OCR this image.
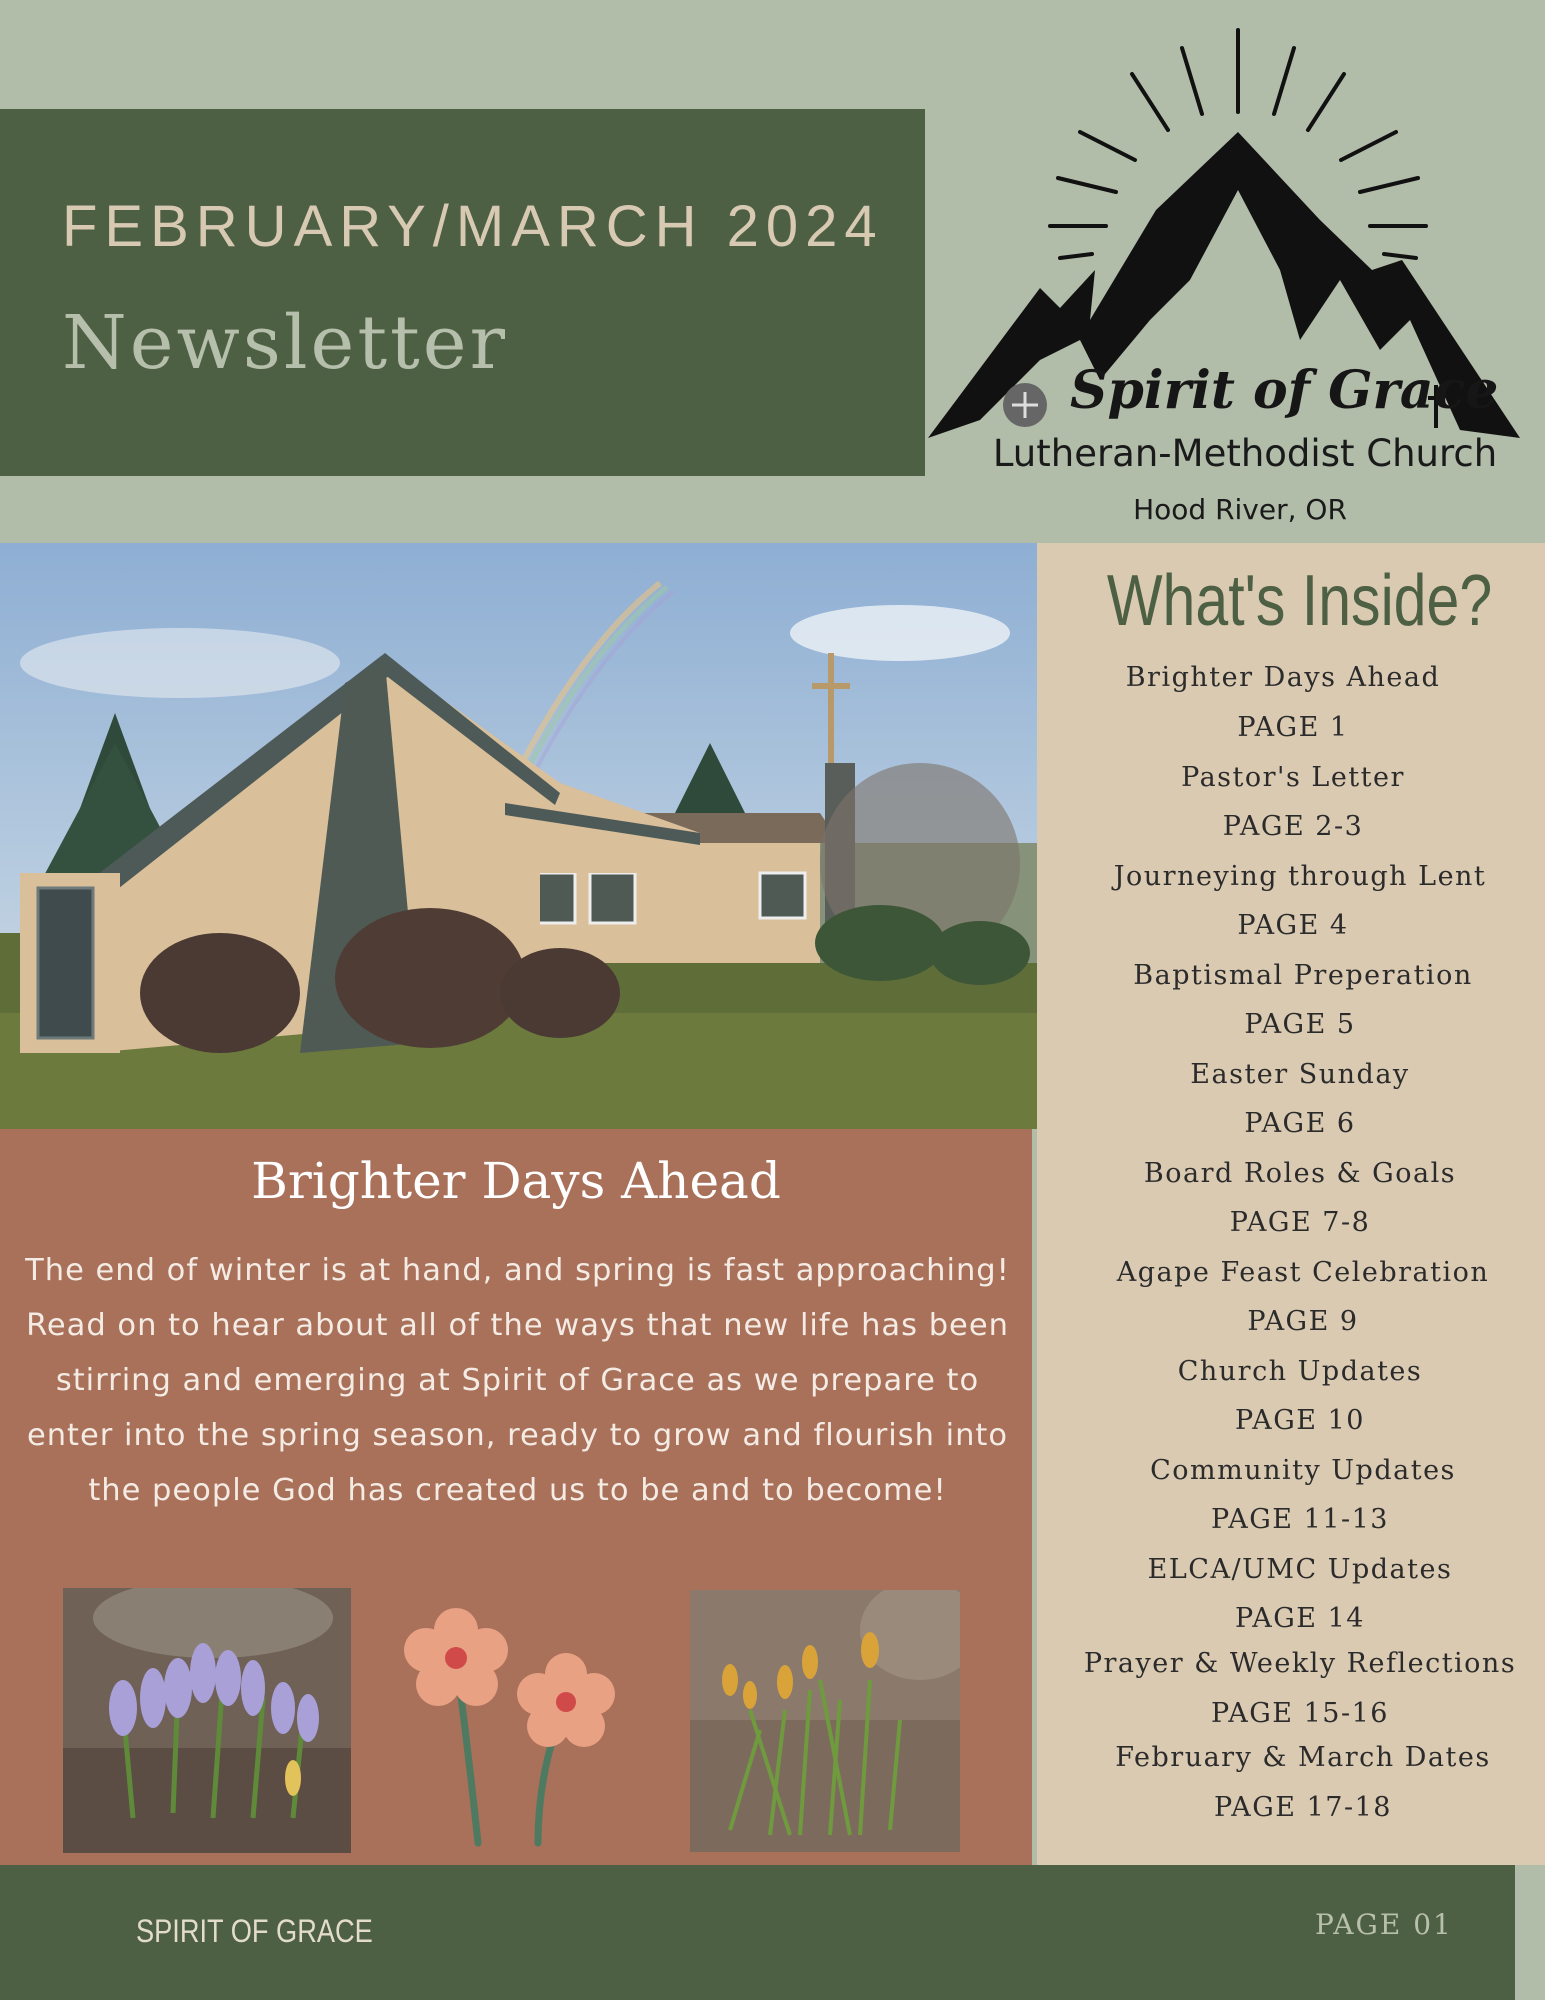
FEBRUARY/MARCH 2024
Newsletter
Spirit of Grace
Lutheran-Methodist Church
Hood River, OR
What's Inside?
Brighter Days Ahead
PAGE 1
Pastor's Letter
PAGE 2-3
Journeying through Lent
PAGE 4
Baptismal Preperation
PAGE 5
Easter Sunday
PAGE 6
Board Roles & Goals
PAGE 7-8
Agape Feast Celebration
PAGE 9
Church Updates
PAGE 10
Community Updates
PAGE 11-13
ELCA/UMC Updates
PAGE 14
Prayer & Weekly Reflections
PAGE 15-16
February & March Dates
PAGE 17-18
Brighter Days Ahead
The end of winter is at hand, and spring is fast approaching! Read on to hear about all of the ways that new life has been stirring and emerging at Spirit of Grace as we prepare to enter into the spring season, ready to grow and flourish into the people God has created us to be and to become!
SPIRIT OF GRACE	PAGE 01
